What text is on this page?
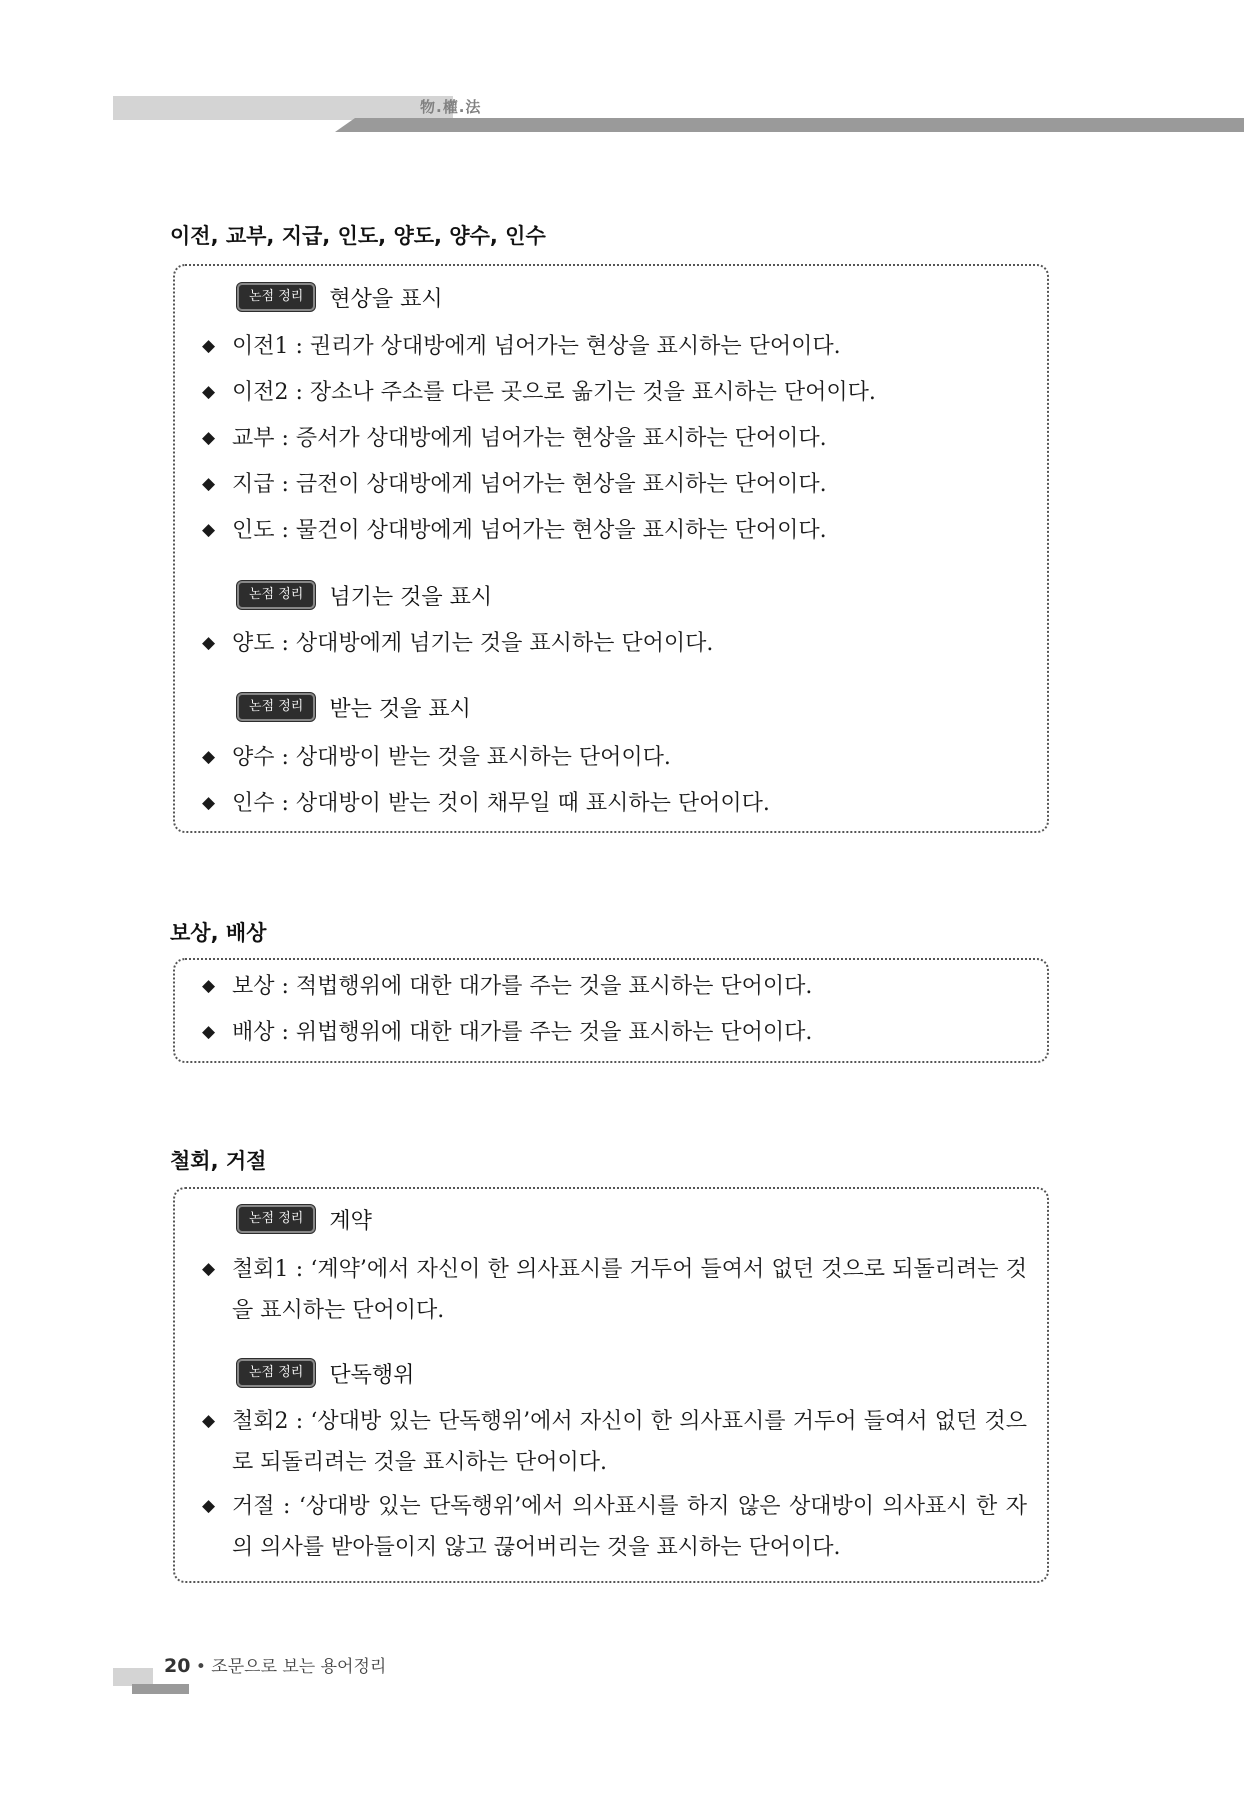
物.權.法
이전, 교부, 지급, 인도, 양도, 양수, 인수
논점 정리	현상을 표시
◆ 이전1 : 권리가 상대방에게 넘어가는 현상을 표시하는 단어이다.
◆ 이전2 : 장소나 주소를 다른 곳으로 옮기는 것을 표시하는 단어이다.
◆ 교부 : 증서가 상대방에게 넘어가는 현상을 표시하는 단어이다.
◆ 지급 : 금전이 상대방에게 넘어가는 현상을 표시하는 단어이다.
◆ 인도 : 물건이 상대방에게 넘어가는 현상을 표시하는 단어이다.
논점 정리	넘기는 것을 표시
◆ 양도 : 상대방에게 넘기는 것을 표시하는 단어이다.
논점 정리	받는 것을 표시
◆ 양수 : 상대방이 받는 것을 표시하는 단어이다.
◆ 인수 : 상대방이 받는 것이 채무일 때 표시하는 단어이다.
보상, 배상
◆ 보상 : 적법행위에 대한 대가를 주는 것을 표시하는 단어이다.
◆ 배상 : 위법행위에 대한 대가를 주는 것을 표시하는 단어이다.
철회, 거절
논점 정리	계약
◆ 철회1 : ‘계약’에서 자신이 한 의사표시를 거두어 들여서 없던 것으로 되돌리려는 것을 표시하는 단어이다.
논점 정리	단독행위
◆ 철회2 : ‘상대방 있는 단독행위’에서 자신이 한 의사표시를 거두어 들여서 없던 것으로 되돌리려는 것을 표시하는 단어이다.
◆ 거절 : ‘상대방 있는 단독행위’에서 의사표시를 하지 않은 상대방이 의사표시 한 자의 의사를 받아들이지 않고 끊어버리는 것을 표시하는 단어이다.
20 • 조문으로 보는 용어정리
